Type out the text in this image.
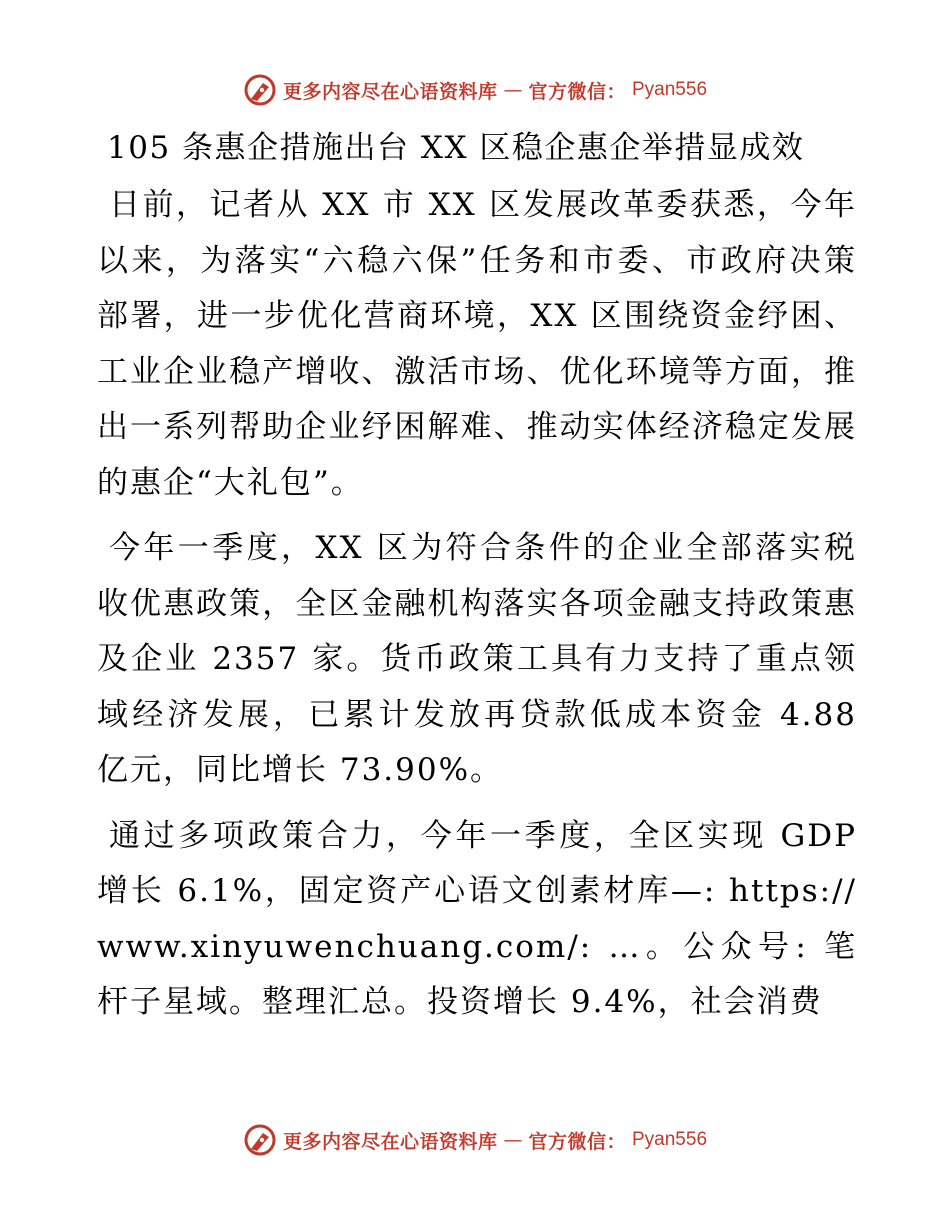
更多内容尽在心语资料库 — 官方微信： Pyan556
105 条惠企措施出台 XX 区稳企惠企举措显成效

日前，记者从 XX 市 XX 区发展改革委获悉，今年以来，为落实“六稳六保”任务和市委、市政府决策部署，进一步优化营商环境，XX 区围绕资金纾困、工业企业稳产增收、激活市场、优化环境等方面，推出一系列帮助企业纾困解难、推动实体经济稳定发展的惠企“大礼包”。

今年一季度，XX 区为符合条件的企业全部落实税收优惠政策，全区金融机构落实各项金融支持政策惠及企业 2357 家。货币政策工具有力支持了重点领域经济发展，已累计发放再贷款低成本资金 4.88 亿元，同比增长 73.90%。

通过多项政策合力，今年一季度，全区实现 GDP 增长 6.1%，固定资产心语文创素材库—: https://www.xinyuwenchuang.com/: …。公众号: 笔杆子星域。整理汇总。投资增长 9.4%，社会消费

更多内容尽在心语资料库 — 官方微信： Pyan556
